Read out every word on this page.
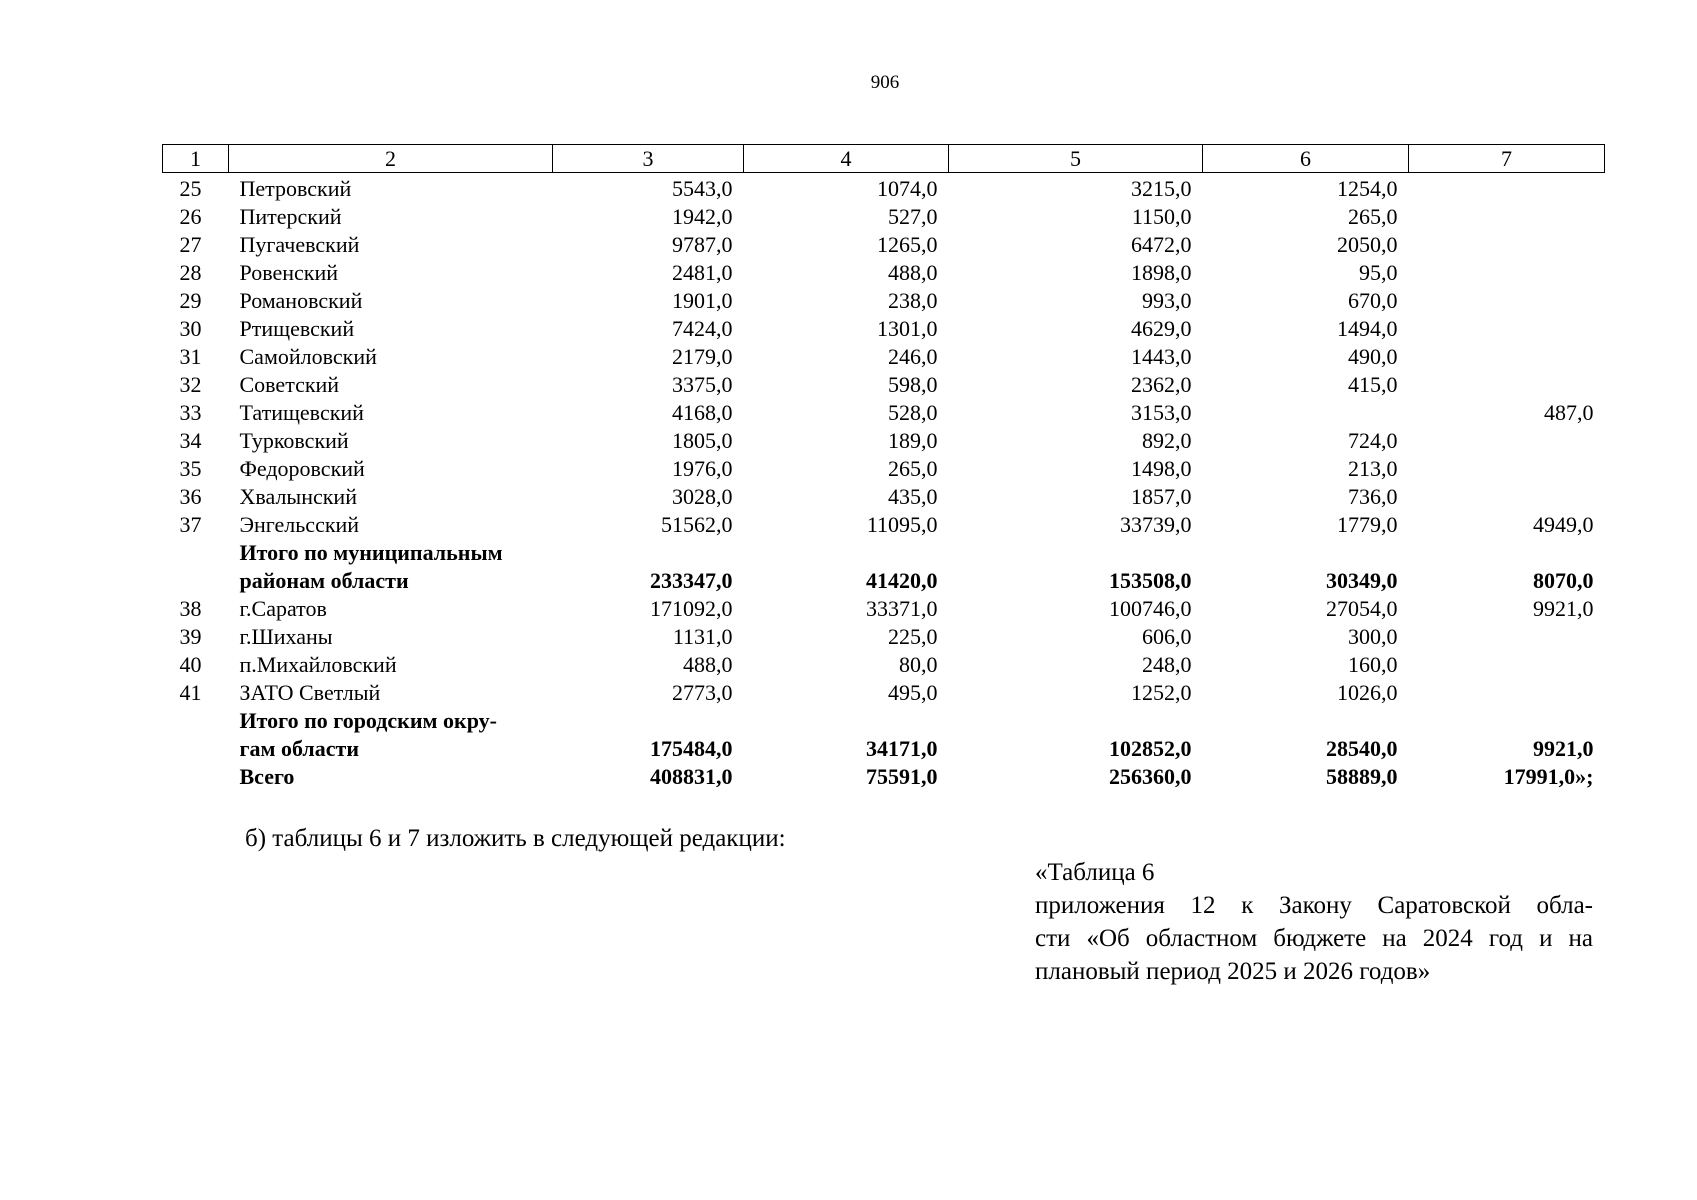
906
1	2	3	4	5	6	7
25	Петровский	5543,0	1074,0	3215,0	1254,0	
26	Питерский	1942,0	527,0	1150,0	265,0	
27	Пугачевский	9787,0	1265,0	6472,0	2050,0	
28	Ровенский	2481,0	488,0	1898,0	95,0	
29	Романовский	1901,0	238,0	993,0	670,0	
30	Ртищевский	7424,0	1301,0	4629,0	1494,0	
31	Самойловский	2179,0	246,0	1443,0	490,0	
32	Советский	3375,0	598,0	2362,0	415,0	
33	Татищевский	4168,0	528,0	3153,0		487,0
34	Турковский	1805,0	189,0	892,0	724,0	
35	Федоровский	1976,0	265,0	1498,0	213,0	
36	Хвалынский	3028,0	435,0	1857,0	736,0	
37	Энгельсский	51562,0	11095,0	33739,0	1779,0	4949,0
	Итого по муниципальным					
	районам области	233347,0	41420,0	153508,0	30349,0	8070,0
38	г.Саратов	171092,0	33371,0	100746,0	27054,0	9921,0
39	г.Шиханы	1131,0	225,0	606,0	300,0	
40	п.Михайловский	488,0	80,0	248,0	160,0	
41	ЗАТО Светлый	2773,0	495,0	1252,0	1026,0	
	Итого по городским окру-					
	гам области	175484,0	34171,0	102852,0	28540,0	9921,0
	Всего	408831,0	75591,0	256360,0	58889,0	17991,0»;
б) таблицы 6 и 7 изложить в следующей редакции:
«Таблица 6
приложения 12 к Закону Саратовской обла-
сти «Об областном бюджете на 2024 год и на
плановый период 2025 и 2026 годов»
